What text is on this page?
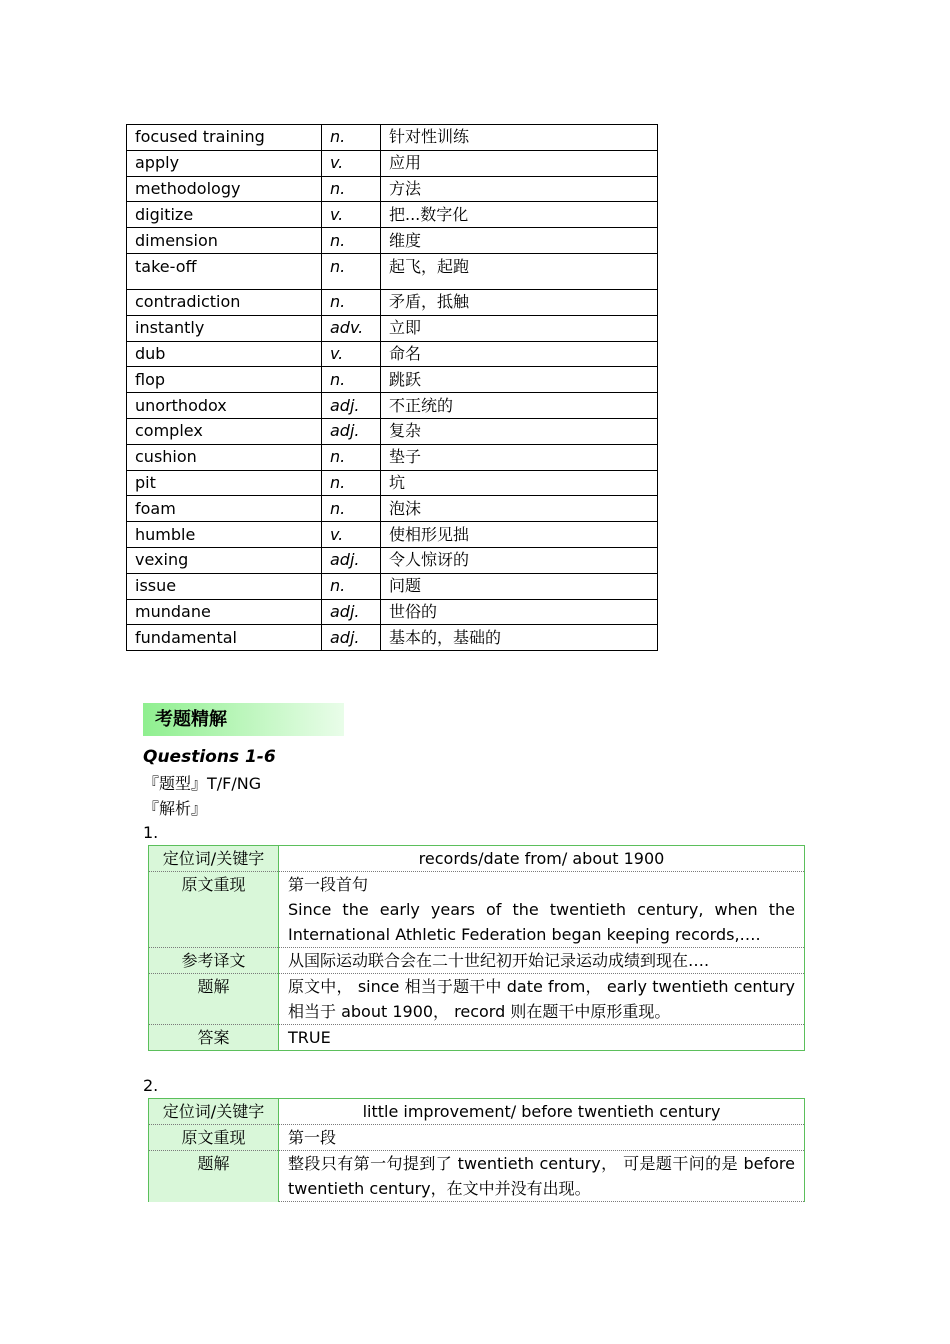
focused training	n.	针对性训练
apply	v.	应用
methodology	n.	方法
digitize	v.	把...数字化
dimension	n.	维度
take-off	n.	起飞，起跑
contradiction	n.	矛盾，抵触
instantly	adv.	立即
dub	v.	命名
flop	n.	跳跃
unorthodox	adj.	不正统的
complex	adj.	复杂
cushion	n.	垫子
pit	n.	坑
foam	n.	泡沫
humble	v.	使相形见拙
vexing	adj.	令人惊讶的
issue	n.	问题
mundane	adj.	世俗的
fundamental	adj.	基本的，基础的
考题精解
Questions 1-6
『题型』T/F/NG
『解析』
1.
定位词/关键字	records/date from/ about 1900
原文重现	第一段首句
Since the early years of the twentieth century, when the International Athletic Federation began keeping records,….

参考译文	从国际运动联合会在二十世纪初开始记录运动成绩到现在….
题解	原文中， since 相当于题干中 date from， early twentieth century 相当于 about 1900， record 则在题干中原形重现。
答案	TRUE
2.
定位词/关键字	little improvement/ before twentieth century
原文重现	第一段
题解	整段只有第一句提到了 twentieth century， 可是题干问的是 before twentieth century，在文中并没有出现。
